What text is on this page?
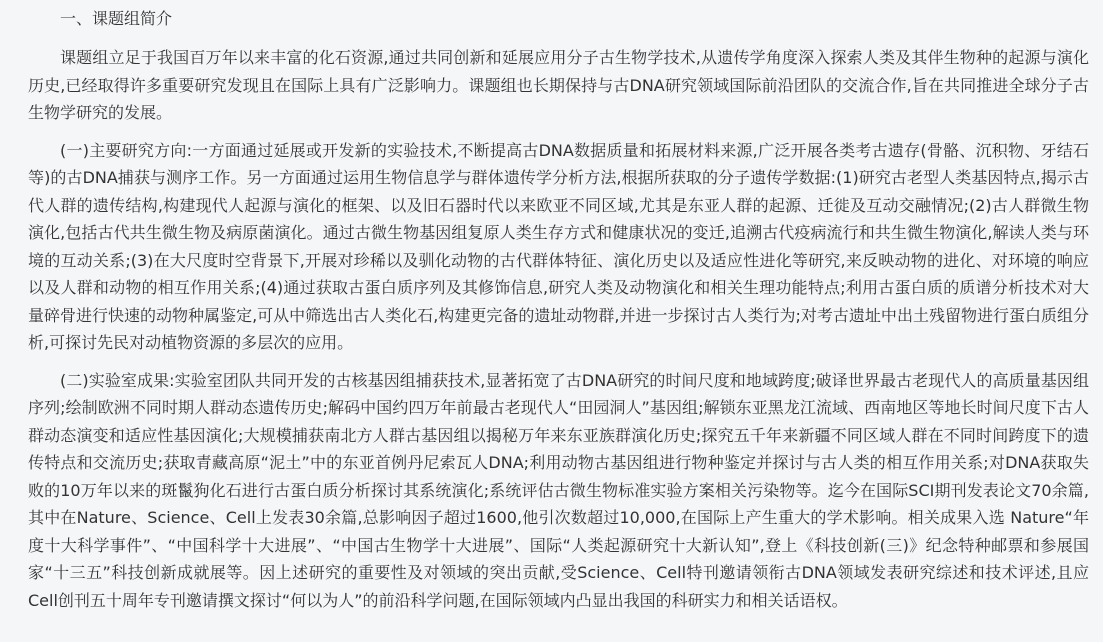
一、课题组简介

课题组立足于我国百万年以来丰富的化石资源,通过共同创新和延展应用分子古生物学技术,从遗传学角度深入探索人类及其伴生物种的起源与演化历史,已经取得许多重要研究发现且在国际上具有广泛影响力。课题组也长期保持与古DNA研究领域国际前沿团队的交流合作,旨在共同推进全球分子古生物学研究的发展。

(一)主要研究方向:一方面通过延展或开发新的实验技术,不断提高古DNA数据质量和拓展材料来源,广泛开展各类考古遗存(骨骼、沉积物、牙结石等)的古DNA捕获与测序工作。另一方面通过运用生物信息学与群体遗传学分析方法,根据所获取的分子遗传学数据:(1)研究古老型人类基因特点,揭示古代人群的遗传结构,构建现代人起源与演化的框架、以及旧石器时代以来欧亚不同区域,尤其是东亚人群的起源、迁徙及互动交融情况;(2)古人群微生物演化,包括古代共生微生物及病原菌演化。通过古微生物基因组复原人类生存方式和健康状况的变迁,追溯古代疫病流行和共生微生物演化,解读人类与环境的互动关系;(3)在大尺度时空背景下,开展对珍稀以及驯化动物的古代群体特征、演化历史以及适应性进化等研究,来反映动物的进化、对环境的响应以及人群和动物的相互作用关系;(4)通过获取古蛋白质序列及其修饰信息,研究人类及动物演化和相关生理功能特点;利用古蛋白质的质谱分析技术对大量碎骨进行快速的动物种属鉴定,可从中筛选出古人类化石,构建更完备的遗址动物群,并进一步探讨古人类行为;对考古遗址中出土残留物进行蛋白质组分析,可探讨先民对动植物资源的多层次的应用。

(二)实验室成果:实验室团队共同开发的古核基因组捕获技术,显著拓宽了古DNA研究的时间尺度和地域跨度;破译世界最古老现代人的高质量基因组序列;绘制欧洲不同时期人群动态遗传历史;解码中国约四万年前最古老现代人“田园洞人”基因组;解锁东亚黑龙江流域、西南地区等地长时间尺度下古人群动态演变和适应性基因演化;大规模捕获南北方人群古基因组以揭秘万年来东亚族群演化历史;探究五千年来新疆不同区域人群在不同时间跨度下的遗传特点和交流历史;获取青藏高原“泥土”中的东亚首例丹尼索瓦人DNA;利用动物古基因组进行物种鉴定并探讨与古人类的相互作用关系;对DNA获取失败的10万年以来的斑鬣狗化石进行古蛋白质分析探讨其系统演化;系统评估古微生物标准实验方案相关污染物等。迄今在国际SCI期刊发表论文70余篇,其中在Nature、Science、Cell上发表30余篇,总影响因子超过1600,他引次数超过10,000,在国际上产生重大的学术影响。相关成果入选 Nature“年度十大科学事件”、“中国科学十大进展”、“中国古生物学十大进展”、国际“人类起源研究十大新认知”,登上《科技创新(三)》纪念特种邮票和参展国家“十三五”科技创新成就展等。因上述研究的重要性及对领域的突出贡献,受Science、Cell特刊邀请领衔古DNA领域发表研究综述和技术评述,且应Cell创刊五十周年专刊邀请撰文探讨“何以为人”的前沿科学问题,在国际领域内凸显出我国的科研实力和相关话语权。
